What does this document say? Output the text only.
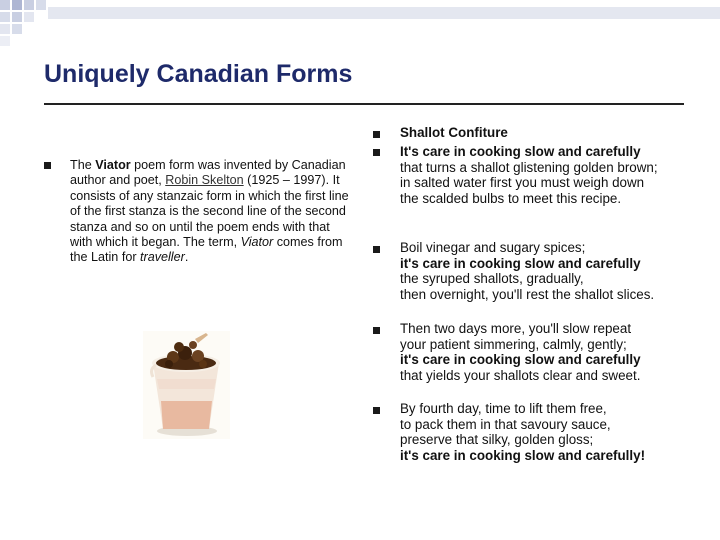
Uniquely Canadian Forms
The Viator poem form was invented by Canadian author and poet, Robin Skelton (1925 – 1997). It consists of any stanzaic form in which the first line of the first stanza is the second line of the second stanza and so on until the poem ends with that with which it began. The term, Viator comes from the Latin for traveller.
Shallot Confiture
It's care in cooking slow and carefully
that turns a shallot glistening golden brown;
in salted water first you must weigh down
the scalded bulbs to meet this recipe.
Boil vinegar and sugary spices;
it's care in cooking slow and carefully
the syruped shallots, gradually,
then overnight, you'll rest the shallot slices.
Then two days more, you'll slow repeat
your patient simmering, calmly, gently;
it's care in cooking slow and carefully
that yields your shallots clear and sweet.
By fourth day, time to lift them free,
to pack them in that savoury sauce,
preserve that silky, golden gloss;
it's care in cooking slow and carefully!
